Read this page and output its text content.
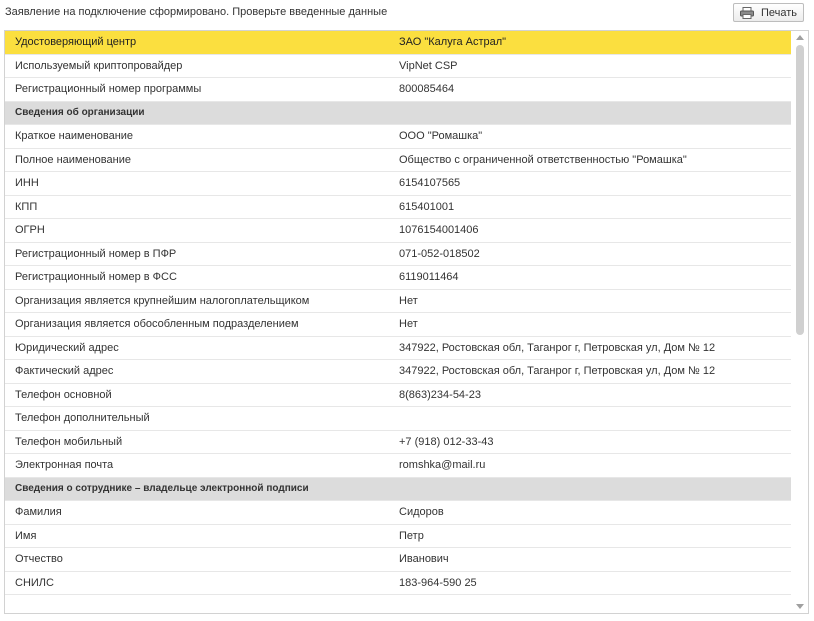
Заявление на подключение сформировано. Проверьте введенные данные	Печать
Удостоверяющий центр	ЗАО "Калуга Астрал"
Используемый криптопровайдер	VipNet CSP
Регистрационный номер программы	800085464
Сведения об организации
Краткое наименование	ООО "Ромашка"
Полное наименование	Общество с ограниченной ответственностью "Ромашка"
ИНН	6154107565
КПП	615401001
ОГРН	1076154001406
Регистрационный номер в ПФР	071-052-018502
Регистрационный номер в ФСС	6119011464
Организация является крупнейшим налогоплательщиком	Нет
Организация является обособленным подразделением	Нет
Юридический адрес	347922, Ростовская обл, Таганрог г, Петровская ул, Дом № 12
Фактический адрес	347922, Ростовская обл, Таганрог г, Петровская ул, Дом № 12
Телефон основной	8(863)234-54-23
Телефон дополнительный
Телефон мобильный	+7 (918) 012-33-43
Электронная почта	romshka@mail.ru
Сведения о сотруднике – владельце электронной подписи
Фамилия	Сидоров
Имя	Петр
Отчество	Иванович
СНИЛС	183-964-590 25
